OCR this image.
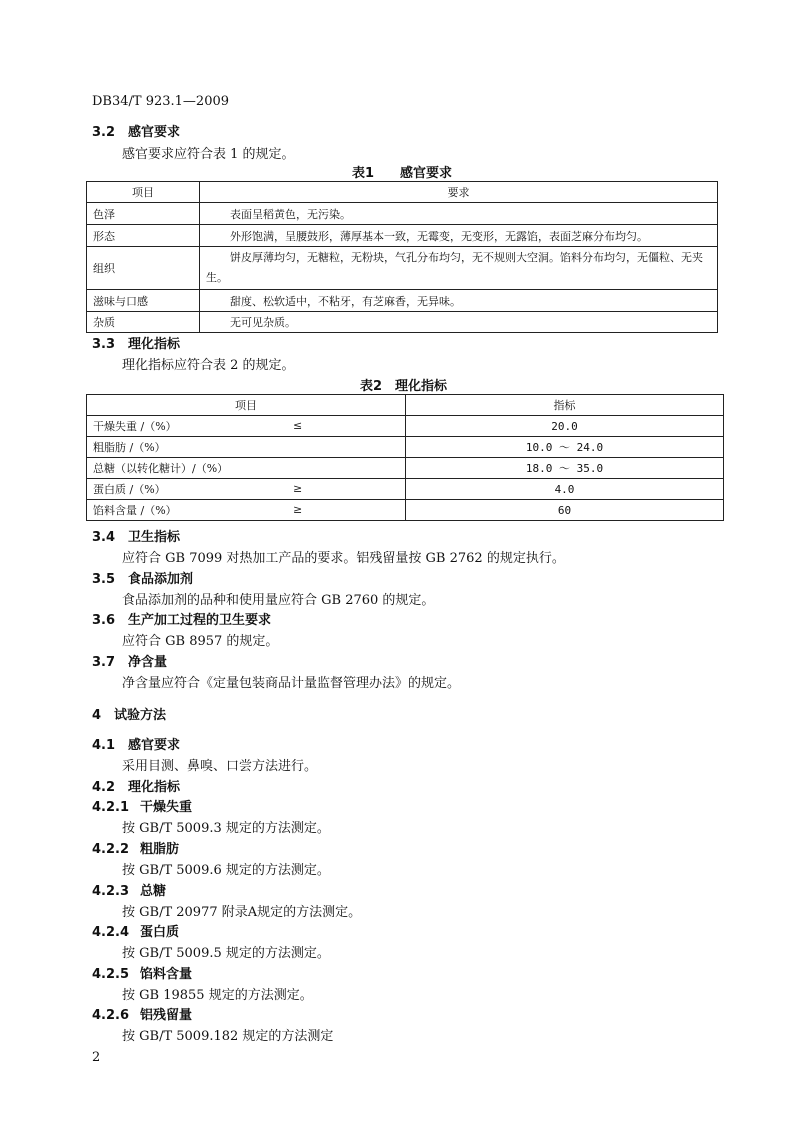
DB34/T 923.1—2009
3.2 感官要求
感官要求应符合表 1 的规定。
表1　　感官要求
项目	要求
色泽	表面呈稻黄色，无污染。
形态	外形饱满，呈腰鼓形，薄厚基本一致，无霉变，无变形，无露馅，表面芝麻分布均匀。
组织	饼皮厚薄均匀，无糖粒，无粉块，气孔分布均匀，无不规则大空洞。馅料分布均匀，无僵粒、无夹生。
滋味与口感	甜度、松软适中，不粘牙，有芝麻香，无异味。
杂质	无可见杂质。
3.3 理化指标
理化指标应符合表 2 的规定。
表2　理化指标
项目	指标
干燥失重 /（%） ≤	20.0
粗脂肪 /（%）	10.0 ～ 24.0
总糖（以转化糖计）/（%）	18.0 ～ 35.0
蛋白质 /（%） ≥	4.0
馅料含量 /（%） ≥	60
3.4 卫生指标
应符合 GB 7099 对热加工产品的要求。铝残留量按 GB 2762 的规定执行。
3.5 食品添加剂
食品添加剂的品种和使用量应符合 GB 2760 的规定。
3.6 生产加工过程的卫生要求
应符合 GB 8957 的规定。
3.7 净含量
净含量应符合《定量包装商品计量监督管理办法》的规定。
4 试验方法
4.1 感官要求
采用目测、鼻嗅、口尝方法进行。
4.2 理化指标
4.2.1 干燥失重
按 GB/T 5009.3 规定的方法测定。
4.2.2 粗脂肪
按 GB/T 5009.6 规定的方法测定。
4.2.3 总糖
按 GB/T 20977 附录A规定的方法测定。
4.2.4 蛋白质
按 GB/T 5009.5 规定的方法测定。
4.2.5 馅料含量
按 GB 19855 规定的方法测定。
4.2.6 铝残留量
按 GB/T 5009.182 规定的方法测定
2
